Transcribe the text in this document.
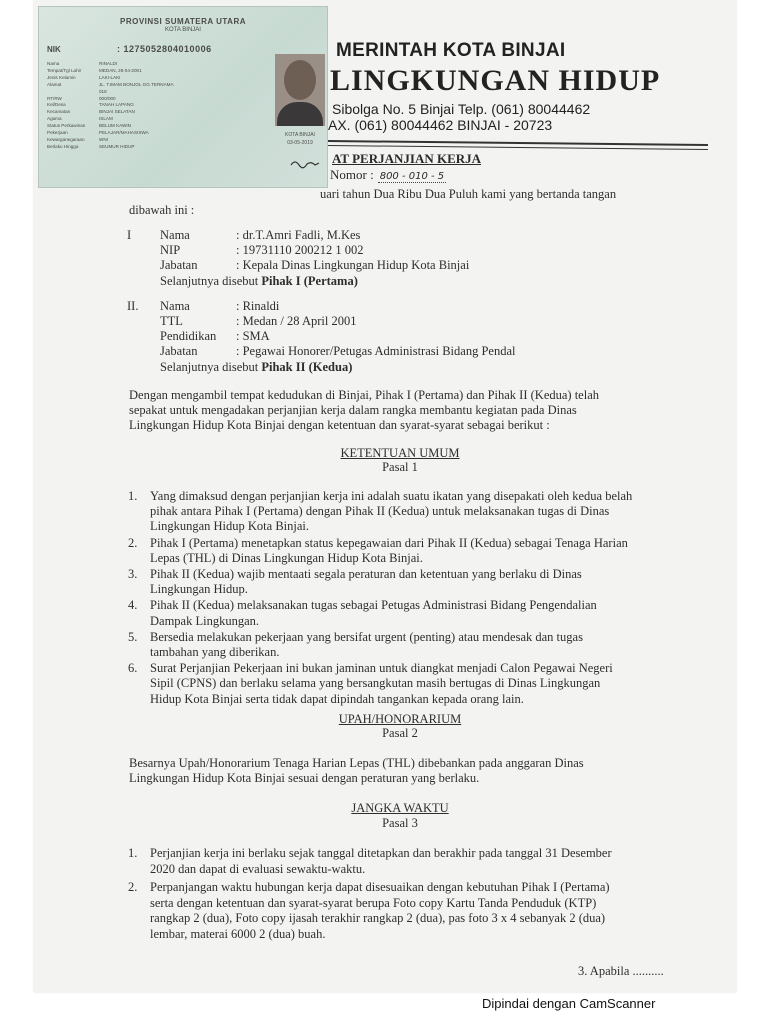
PROVINSI SUMATERA UTARA
KOTA BINJAI
NIK	: 1275052804010006
Nama	RINALDI
Tempat/Tgl Lahir	MEDAN, 28-04-2001
Jenis Kelamin	LAKI-LAKI
Alamat	JL. T.IMAM BONJOL GG.TERNAMA
018
RT/RW	000/000
Kel/Desa	TANAH LAPANG
Kecamatan	BINJAI SELATAN
Agama	ISLAM
Status Perkawinan	BELUM KAWIN
Pekerjaan	PELAJAR/MAHASISWA
Kewarganegaraan	WNI
Berlaku Hingga	SEUMUR HIDUP
KOTA BINJAI
03-05-2019
MERINTAH KOTA BINJAI
LINGKUNGAN HIDUP
Sibolga No. 5 Binjai Telp. (061) 80044462
AX. (061) 80044462 BINJAI - 20723
AT PERJANJIAN KERJA
Nomor : 800 - 010 - 5
uari tahun Dua Ribu Dua Puluh kami yang bertanda tangan
dibawah ini :
I Nama	: dr.T.Amri Fadli, M.Kes
NIP	: 19731110 200212 1 002
Jabatan	: Kepala Dinas Lingkungan Hidup Kota Binjai
Selanjutnya disebut Pihak I (Pertama)
II. Nama	: Rinaldi
TTL	: Medan / 28 April 2001
Pendidikan : SMA
Jabatan	: Pegawai Honorer/Petugas Administrasi Bidang Pendal
Selanjutnya disebut Pihak II (Kedua)
Dengan mengambil tempat kedudukan di Binjai, Pihak I (Pertama) dan Pihak II (Kedua) telah
sepakat untuk mengadakan perjanjian kerja dalam rangka membantu kegiatan pada Dinas
Lingkungan Hidup Kota Binjai dengan ketentuan dan syarat-syarat sebagai berikut :
KETENTUAN UMUM
Pasal 1
1. Yang dimaksud dengan perjanjian kerja ini adalah suatu ikatan yang disepakati oleh kedua belah
pihak antara Pihak I (Pertama) dengan Pihak II (Kedua) untuk melaksanakan tugas di Dinas
Lingkungan Hidup Kota Binjai.
2. Pihak I (Pertama) menetapkan status kepegawaian dari Pihak II (Kedua) sebagai Tenaga Harian
Lepas (THL) di Dinas Lingkungan Hidup Kota Binjai.
3. Pihak II (Kedua) wajib mentaati segala peraturan dan ketentuan yang berlaku di Dinas
Lingkungan Hidup.
4. Pihak II (Kedua) melaksanakan tugas sebagai Petugas Administrasi Bidang Pengendalian
Dampak Lingkungan.
5. Bersedia melakukan pekerjaan yang bersifat urgent (penting) atau mendesak dan tugas
tambahan yang diberikan.
6. Surat Perjanjian Pekerjaan ini bukan jaminan untuk diangkat menjadi Calon Pegawai Negeri
Sipil (CPNS) dan berlaku selama yang bersangkutan masih bertugas di Dinas Lingkungan
Hidup Kota Binjai serta tidak dapat dipindah tangankan kepada orang lain.
UPAH/HONORARIUM
Pasal 2
Besarnya Upah/Honorarium Tenaga Harian Lepas (THL) dibebankan pada anggaran Dinas
Lingkungan Hidup Kota Binjai sesuai dengan peraturan yang berlaku.
JANGKA WAKTU
Pasal 3
1. Perjanjian kerja ini berlaku sejak tanggal ditetapkan dan berakhir pada tanggal 31 Desember
2020 dan dapat di evaluasi sewaktu-waktu.
2. Perpanjangan waktu hubungan kerja dapat disesuaikan dengan kebutuhan Pihak I (Pertama)
serta dengan ketentuan dan syarat-syarat berupa Foto copy Kartu Tanda Penduduk (KTP)
rangkap 2 (dua), Foto copy ijasah terakhir rangkap 2 (dua), pas foto 3 x 4 sebanyak 2 (dua)
lembar, materai 6000 2 (dua) buah.
3. Apabila ..........
Dipindai dengan CamScanner
